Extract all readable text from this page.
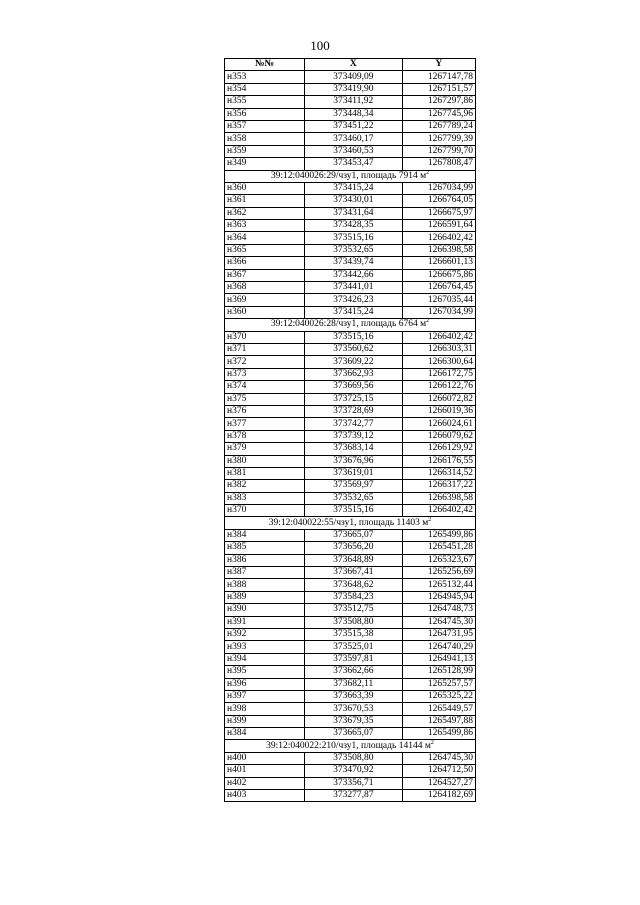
100
№№	X	Y
н353	373409,09	1267147,78
н354	373419,90	1267151,57
н355	373411,92	1267297,86
н356	373448,34	1267745,96
н357	373451,22	1267789,24
н358	373460,17	1267799,39
н359	373460,53	1267799,70
н349	373453,47	1267808,47
39:12:040026:29/чзу1, площадь 7914 $м^2$
н360	373415,24	1267034,99
н361	373430,01	1266764,05
н362	373431,64	1266675,97
н363	373428,35	1266591,64
н364	373515,16	1266402,42
н365	373532,65	1266398,58
н366	373439,74	1266601,13
н367	373442,66	1266675,86
н368	373441,01	1266764,45
н369	373426,23	1267035,44
н360	373415,24	1267034,99
39:12:040026:28/чзу1, площадь 6764 $м^2$
н370	373515,16	1266402,42
н371	373560,62	1266303,31
н372	373609,22	1266300,64
н373	373662,93	1266172,75
н374	373669,56	1266122,76
н375	373725,15	1266072,82
н376	373728,69	1266019,36
н377	373742,77	1266024,61
н378	373739,12	1266079,62
н379	373683,14	1266129,92
н380	373676,96	1266176,55
н381	373619,01	1266314,52
н382	373569,97	1266317,22
н383	373532,65	1266398,58
н370	373515,16	1266402,42
39:12:040022:55/чзу1, площадь 11403 $м^2$
н384	373665,07	1265499,86
н385	373656,20	1265451,28
н386	373648,89	1265323,67
н387	373667,41	1265256,69
н388	373648,62	1265132,44
н389	373584,23	1264945,94
н390	373512,75	1264748,73
н391	373508,80	1264745,30
н392	373515,38	1264731,95
н393	373525,01	1264740,29
н394	373597,81	1264941,13
н395	373662,66	1265128,99
н396	373682,11	1265257,57
н397	373663,39	1265325,22
н398	373670,53	1265449,57
н399	373679,35	1265497,88
н384	373665,07	1265499,86
39:12:040022:210/чзу1, площадь 14144 $м^2$
н400	373508,80	1264745,30
н401	373470,92	1264712,50
н402	373356,71	1264527,27
н403	373277,87	1264182,69
